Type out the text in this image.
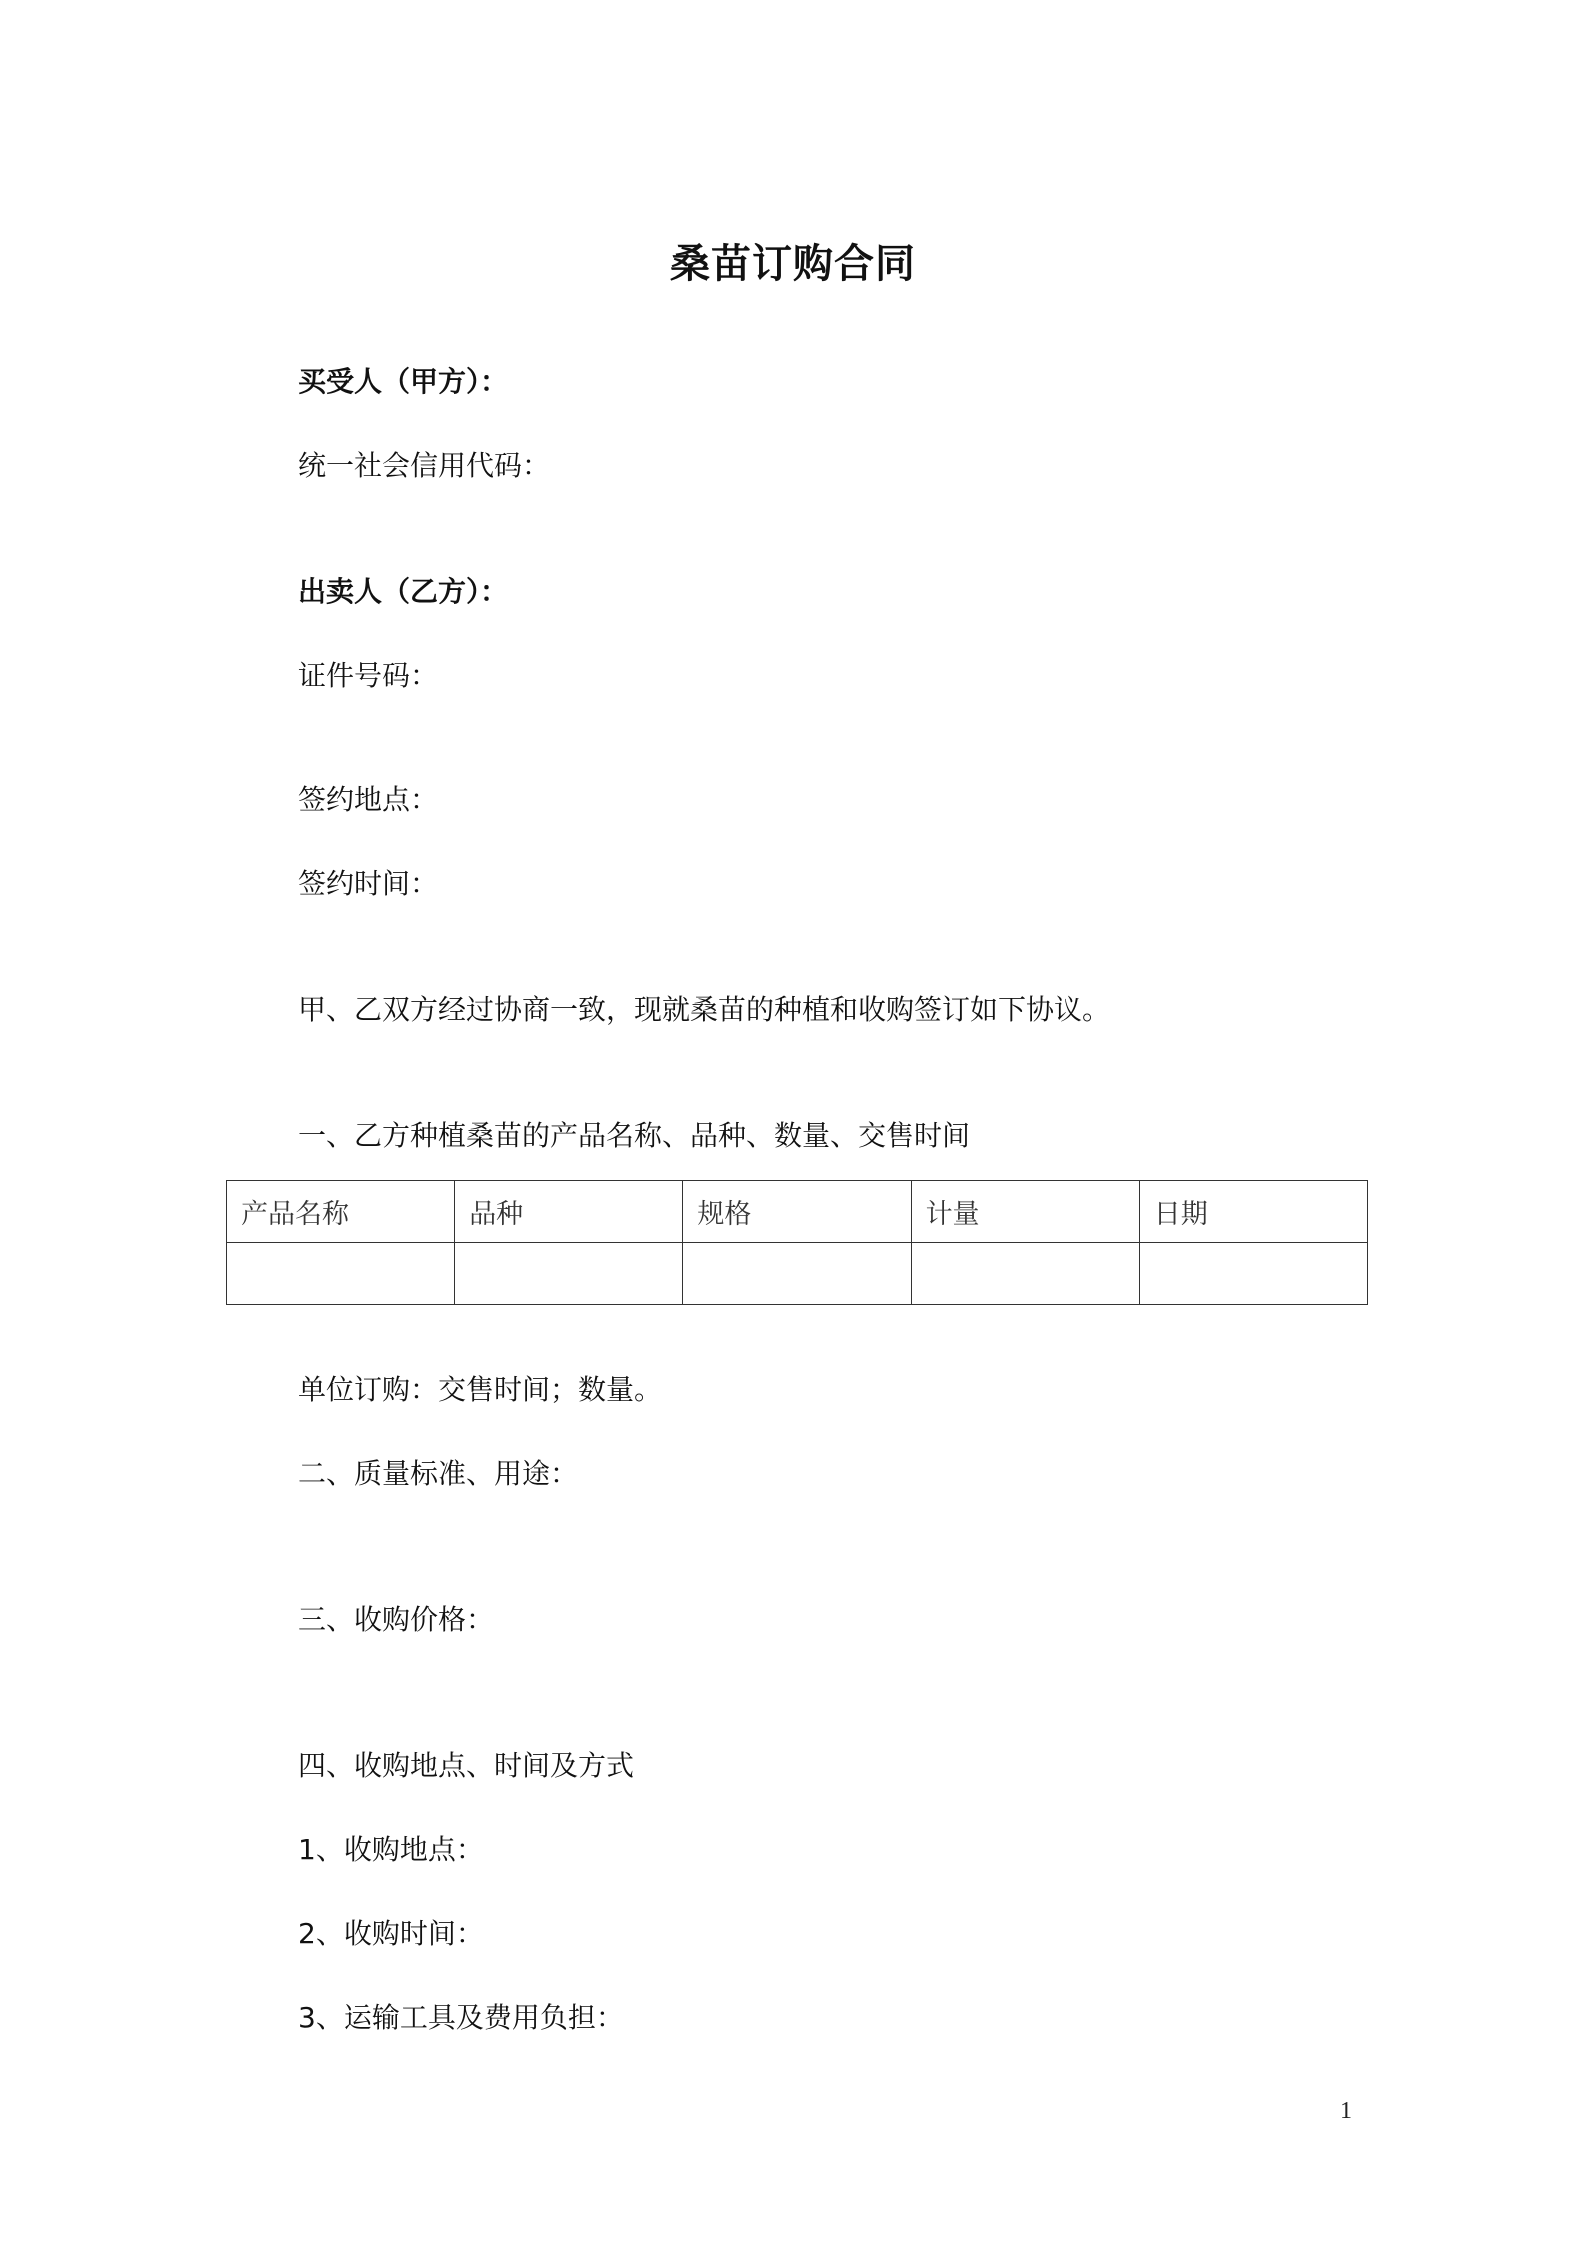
桑苗订购合同
买受人（甲方）：
统一社会信用代码：
出卖人（乙方）：
证件号码：
签约地点：
签约时间：
甲、乙双方经过协商一致，现就桑苗的种植和收购签订如下协议。
一、乙方种植桑苗的产品名称、品种、数量、交售时间
产品名称	品种	规格	计量	日期

单位订购：交售时间；数量。
二、质量标准、用途：
三、收购价格：
四、收购地点、时间及方式
1、收购地点：
2、收购时间：
3、运输工具及费用负担：
1
